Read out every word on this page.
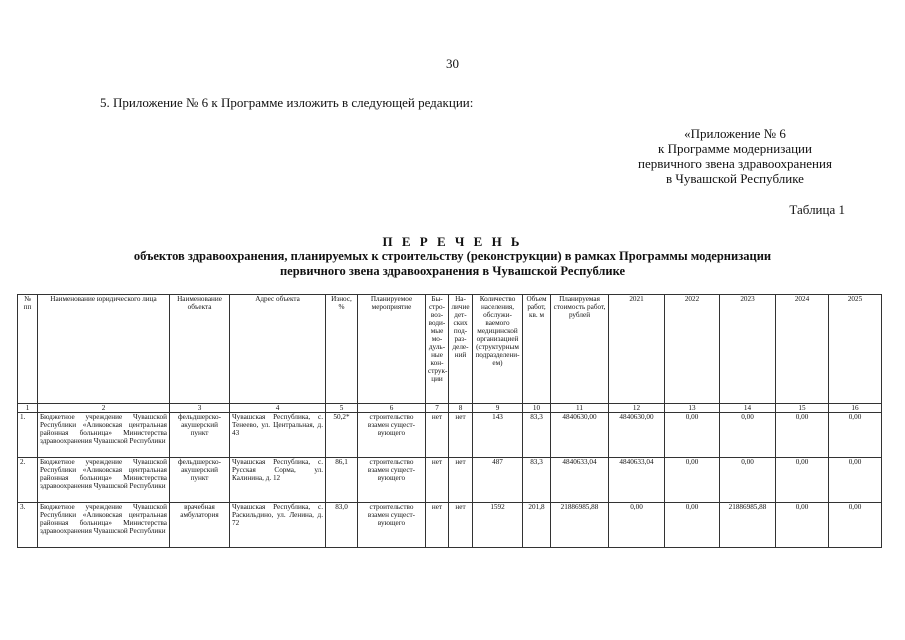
30
5. Приложение № 6 к Программе изложить в следующей редакции:
«Приложение № 6
к Программе модернизации
первичного звена здравоохранения
в Чувашской Республике
Таблица 1
П Е Р Е Ч Е Н Ь
объектов здравоохранения, планируемых к строительству (реконструкции) в рамках Программы модернизации
первичного звена здравоохранения в Чувашской Республике
№ пп	Наименование юридического лица	Наименование объекта	Адрес объекта	Износ, %	Планируемое мероприятие	Быстровозводимые модульные конструкции	Наличие детских подразделений	Количество населения, обслуживаемого медицинской организацией (структурным подразделением)	Объем работ, кв. м	Планируемая стоимость работ, рублей	2021	2022	2023	2024	2025
1	2	3	4	5	6	7	8	9	10	11	12	13	14	15	16
1.	Бюджетное учреждение Чувашской Республики «Аликовская центральная районная больница» Министерства здравоохранения Чувашской Республики	фельдшерско-акушерский пункт	Чувашская Республика, с. Тенеево, ул. Центральная, д. 43	50,2*	строительство взамен существующего	нет	нет	143	83,3	4840630,00	4840630,00	0,00	0,00	0,00	0,00
2.	Бюджетное учреждение Чувашской Республики «Аликовская центральная районная больница» Министерства здравоохранения Чувашской Республики	фельдшерско-акушерский пункт	Чувашская Республика, с. Русская Сорма, ул. Калинина, д. 12	86,1	строительство взамен существующего	нет	нет	487	83,3	4840633,04	4840633,04	0,00	0,00	0,00	0,00
3.	Бюджетное учреждение Чувашской Республики «Аликовская центральная районная больница» Министерства здравоохранения Чувашской Республики	врачебная амбулатория	Чувашская Республика, с. Раскильдино, ул. Ленина, д. 72	83,0	строительство взамен существующего	нет	нет	1592	201,8	21886985,88	0,00	0,00	21886985,88	0,00	0,00
